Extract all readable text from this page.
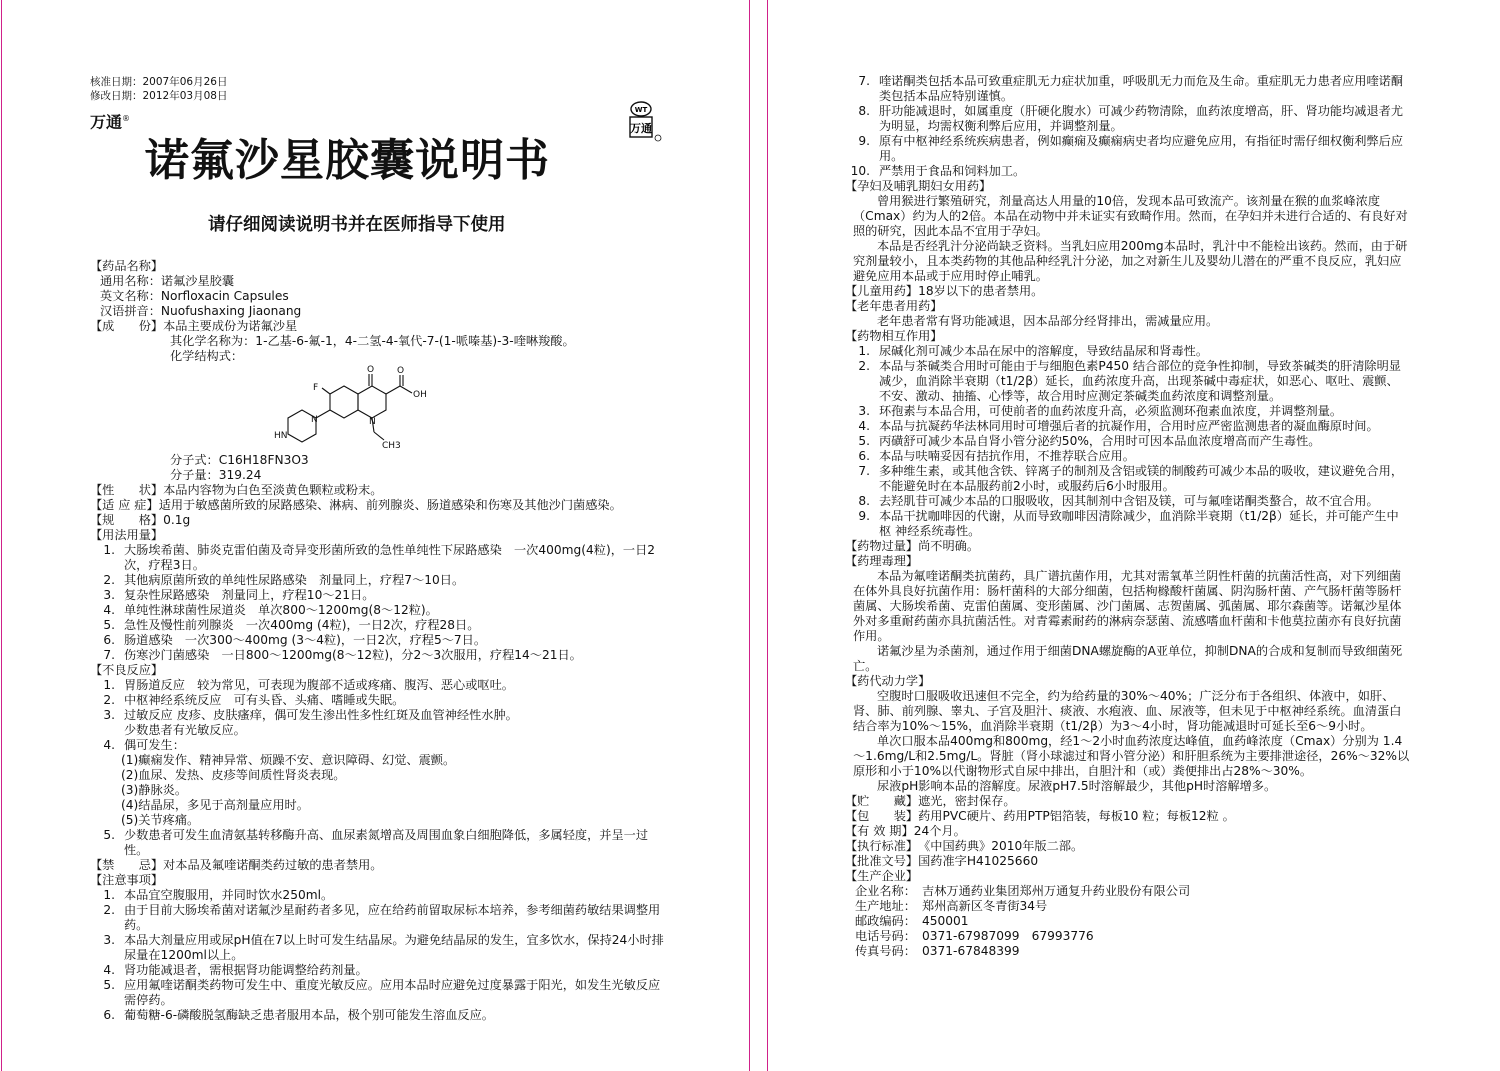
核准日期：2007年06月26日
修改日期：2012年03月08日
万通®
WT
万通
诺氟沙星胶囊说明书
请仔细阅读说明书并在医师指导下使用
【药品名称】
通用名称：诺氟沙星胶囊
英文名称：Norfloxacin Capsules
汉语拼音：Nuofushaxing Jiaonang
【成　　份】 本品主要成份为诺氟沙星
其化学名称为：1-乙基-6-氟-1，4-二氢-4-氧代-7-(1-哌嗪基)-3-喹啉羧酸。
化学结构式：
O	O
OH
F
N	N
HN
CH3
分子式：C16H18FN3O3
分子量：319.24
【性　　状】 本品内容物为白色至淡黄色颗粒或粉末。
【适 应 症】 适用于敏感菌所致的尿路感染、淋病、前列腺炎、肠道感染和伤寒及其他沙门菌感染。
【规　　格】 0.1g
【用法用量】
1. 大肠埃希菌、肺炎克雷伯菌及奇异变形菌所致的急性单纯性下尿路感染　一次400mg(4粒)，一日2次，疗程3日。
2. 其他病原菌所致的单纯性尿路感染　剂量同上，疗程7～10日。
3. 复杂性尿路感染　剂量同上，疗程10～21日。
4. 单纯性淋球菌性尿道炎　单次800～1200mg(8～12粒)。
5. 急性及慢性前列腺炎　一次400mg (4粒)，一日2次，疗程28日。
6. 肠道感染　一次300～400mg (3～4粒)，一日2次，疗程5～7日。
7. 伤寒沙门菌感染　一日800～1200mg(8～12粒)，分2～3次服用，疗程14～21日。
【不良反应】
1. 胃肠道反应　较为常见，可表现为腹部不适或疼痛、腹泻、恶心或呕吐。
2. 中枢神经系统反应　可有头昏、头痛、嗜睡或失眠。
3. 过敏反应 皮疹、皮肤瘙痒，偶可发生渗出性多性红斑及血管神经性水肿。
少数患者有光敏反应。
4. 偶可发生：
(1)癫痫发作、精神异常、烦躁不安、意识障碍、幻觉、震颤。
(2)血尿、发热、皮疹等间质性肾炎表现。
(3)静脉炎。
(4)结晶尿，多见于高剂量应用时。
(5)关节疼痛。
5. 少数患者可发生血清氨基转移酶升高、血尿素氮增高及周围血象白细胞降低，多属轻度，并呈一过性。
【禁　　忌】 对本品及氟喹诺酮类药过敏的患者禁用。
【注意事项】
1. 本品宜空腹服用，并同时饮水250ml。
2. 由于目前大肠埃希菌对诺氟沙星耐药者多见，应在给药前留取尿标本培养，参考细菌药敏结果调整用药。
3. 本品大剂量应用或尿pH值在7以上时可发生结晶尿。为避免结晶尿的发生，宜多饮水，保持24小时排尿量在1200ml以上。
4. 肾功能减退者，需根据肾功能调整给药剂量。
5. 应用氟喹诺酮类药物可发生中、重度光敏反应。应用本品时应避免过度暴露于阳光，如发生光敏反应需停药。
6. 葡萄糖-6-磷酸脱氢酶缺乏患者服用本品，极个别可能发生溶血反应。
7. 喹诺酮类包括本品可致重症肌无力症状加重，呼吸肌无力而危及生命。重症肌无力患者应用喹诺酮类包括本品应特别谨慎。
8. 肝功能减退时，如属重度（肝硬化腹水）可减少药物清除，血药浓度增高，肝、肾功能均减退者尤为明显，均需权衡利弊后应用，并调整剂量。
9. 原有中枢神经系统疾病患者，例如癫痫及癫痫病史者均应避免应用，有指征时需仔细权衡利弊后应用。
10. 严禁用于食品和饲料加工。
【孕妇及哺乳期妇女用药】
曾用猴进行繁殖研究，剂量高达人用量的10倍，发现本品可致流产。该剂量在猴的血浆峰浓度（Cmax）约为人的2倍。本品在动物中并未证实有致畸作用。然而，在孕妇并未进行合适的、有良好对照的研究，因此本品不宜用于孕妇。
本品是否经乳汁分泌尚缺乏资料。当乳妇应用200mg本品时，乳汁中不能检出该药。然而，由于研究剂量较小，且本类药物的其他品种经乳汁分泌，加之对新生儿及婴幼儿潜在的严重不良反应，乳妇应避免应用本品或于应用时停止哺乳。
【儿童用药】 18岁以下的患者禁用。
【老年患者用药】
老年患者常有肾功能减退，因本品部分经肾排出，需减量应用。
【药物相互作用】
1. 尿碱化剂可减少本品在尿中的溶解度，导致结晶尿和肾毒性。
2. 本品与茶碱类合用时可能由于与细胞色素P450 结合部位的竞争性抑制，导致茶碱类的肝清除明显减少，血消除半衰期（t1/2β）延长，血药浓度升高，出现茶碱中毒症状，如恶心、呕吐、震颤、不安、激动、抽搐、心悸等，故合用时应测定茶碱类血药浓度和调整剂量。
3. 环孢素与本品合用，可使前者的血药浓度升高，必须监测环孢素血浓度，并调整剂量。
4. 本品与抗凝药华法林同用时可增强后者的抗凝作用，合用时应严密监测患者的凝血酶原时间。
5. 丙磺舒可减少本品自肾小管分泌约50%，合用时可因本品血浓度增高而产生毒性。
6. 本品与呋喃妥因有拮抗作用，不推荐联合应用。
7. 多种维生素，或其他含铁、锌离子的制剂及含铝或镁的制酸药可减少本品的吸收，建议避免合用，不能避免时在本品服药前2小时，或服药后6小时服用。
8. 去羟肌苷可减少本品的口服吸收，因其制剂中含铝及镁，可与氟喹诺酮类螯合，故不宜合用。
9. 本品干扰咖啡因的代谢，从而导致咖啡因清除减少，血消除半衰期（t1/2β）延长，并可能产生中枢 神经系统毒性。
【药物过量】 尚不明确。
【药理毒理】
本品为氟喹诺酮类抗菌药，具广谱抗菌作用，尤其对需氧革兰阴性杆菌的抗菌活性高，对下列细菌在体外具良好抗菌作用：肠杆菌科的大部分细菌，包括枸橼酸杆菌属、阴沟肠杆菌、产气肠杆菌等肠杆菌属、大肠埃希菌、克雷伯菌属、变形菌属、沙门菌属、志贺菌属、弧菌属、耶尔森菌等。诺氟沙星体外对多重耐药菌亦具抗菌活性。对青霉素耐药的淋病奈瑟菌、流感嗜血杆菌和卡他莫拉菌亦有良好抗菌作用。
诺氟沙星为杀菌剂，通过作用于细菌DNA螺旋酶的A亚单位，抑制DNA的合成和复制而导致细菌死亡。
【药代动力学】
空腹时口服吸收迅速但不完全，约为给药量的30%～40%；广泛分布于各组织、体液中，如肝、肾、肺、前列腺、睾丸、子宫及胆汁、痰液、水疱液、血、尿液等，但未见于中枢神经系统。血清蛋白结合率为10%～15%，血消除半衰期（t1/2β）为3～4小时，肾功能减退时可延长至6～9小时。
单次口服本品400mg和800mg，经1～2小时血药浓度达峰值，血药峰浓度（Cmax）分别为 1.4～1.6mg/L和2.5mg/L。肾脏（肾小球滤过和肾小管分泌）和肝胆系统为主要排泄途径，26%～32%以原形和小于10%以代谢物形式自尿中排出，自胆汁和（或）粪便排出占28%～30%。
尿液pH影响本品的溶解度。尿液pH7.5时溶解最少，其他pH时溶解增多。
【贮　　藏】 遮光，密封保存。
【包　　装】 药用PVC硬片、药用PTP铝箔装，每板10 粒；每板12粒 。
【有 效 期】 24个月。
【执行标准】 《中国药典》2010年版二部。
【批准文号】 国药准字H41025660
【生产企业】
企业名称：　吉林万通药业集团郑州万通复升药业股份有限公司
生产地址：　郑州高新区冬青街34号
邮政编码：　450001
电话号码：　0371-67987099　67993776
传真号码：　0371-67848399
